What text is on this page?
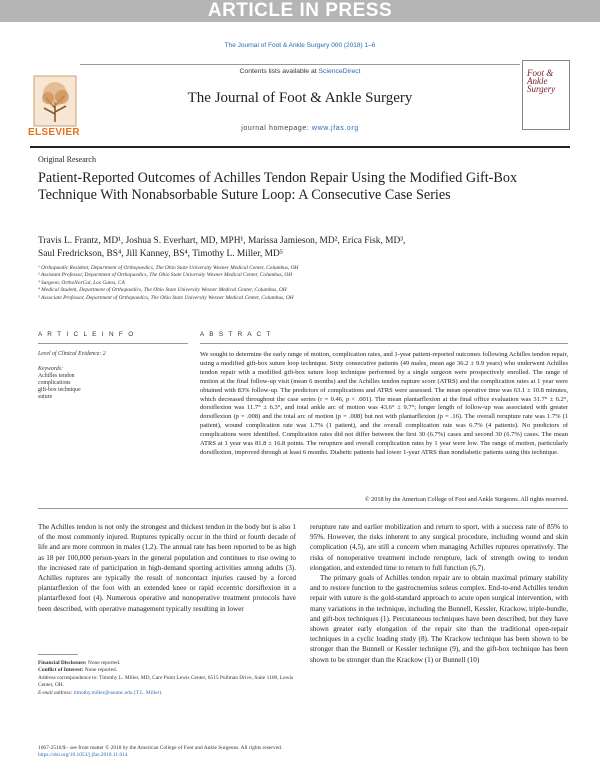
ARTICLE IN PRESS
The Journal of Foot & Ankle Surgery 000 (2018) 1–6
Contents lists available at ScienceDirect
The Journal of Foot & Ankle Surgery
journal homepage: www.jfas.org
ELSEVIER
Foot & Ankle Surgery
Original Research
Patient-Reported Outcomes of Achilles Tendon Repair Using the Modified Gift-Box Technique With Nonabsorbable Suture Loop: A Consecutive Case Series
Travis L. Frantz, MD¹, Joshua S. Everhart, MD, MPH¹, Marissa Jamieson, MD², Erica Fisk, MD³,
Saul Fredrickson, BS⁴, Jill Kanney, BS⁴, Timothy L. Miller, MD⁵
¹ Orthopaedic Resident, Department of Orthopaedics, The Ohio State University Wexner Medical Center, Columbus, OH
² Assistant Professor, Department of Orthopaedics, The Ohio State University Wexner Medical Center, Columbus, OH
³ Surgeon, OrthoNorCal, Los Gatos, CA
⁴ Medical Student, Department of Orthopaedics, The Ohio State University Wexner Medical Center, Columbus, OH
⁵ Associate Professor, Department of Orthopaedics, The Ohio State University Wexner Medical Center, Columbus, OH
A R T I C L E I N F O	A B S T R A C T
Level of Clinical Evidence: 2
Keywords:
Achilles tendon
complications
gift-box technique
suture
We sought to determine the early range of motion, complication rates, and 1-year patient-reported outcomes following Achilles tendon repair, using a modified gift-box suture loop technique. Sixty consecutive patients (49 males, mean age 36.2 ± 9.9 years) who underwent Achilles tendon repair with a modified gift-box suture loop technique performed by a single surgeon were prospectively enrolled. The range of motion at the final follow-up visit (mean 6 months) and the Achilles tendon rupture score (ATRS) and the complication rates at 1 year were obtained with 83% follow-up. The predictors of complications and ATRS were assessed. The mean operative time was 63.1 ± 10.8 minutes, which decreased throughout the case series (r = 0.46, p < .001). The mean plantarflexion at the final office evaluation was 31.7° ± 6.2°, dorsiflexion was 11.7° ± 6.3°, and total ankle arc of motion was 43.6° ± 9.7°; longer length of follow-up was associated with greater dorsiflexion (p = .008) and the total arc of motion (p = .008) but not with plantarflexion (p = .16). The overall rerupture rate was 1.7% (1 patient), wound complication rate was 1.7% (1 patient), and the overall complication rate was 6.7% (4 patients). No predictors of complications were identified. Complication rates did not differ between the first 30 (6.7%) cases and second 30 (6.7%) cases. The mean ATRS at 1 year was 81.8 ± 16.8 points. The rerupture and overall complication rates by 1 year were low. The range of motion, particularly dorsiflexion, improved through at least 6 months. Diabetic patients had lower 1-year ATRS than nondiabetic patients using this technique.
© 2018 by the American College of Foot and Ankle Surgeons. All rights reserved.
The Achilles tendon is not only the strongest and thickest tendon in the body but is also 1 of the most commonly injured. Ruptures typically occur in the third or fourth decade of life and are more common in males (1,2). The annual rate has been reported to be as high as 18 per 100,000 person-years in the general population and continues to rise owing to the increased rate of participation in high-demand sporting activities among adults (3). Achilles ruptures are typically the result of noncontact injuries caused by a forced plantarflexion of the foot with an extended knee or rapid eccentric dorsiflexion in a plantarflexed foot (4). Numerous operative and nonoperative treatment protocols have been described, with operative management typically resulting in lower
Financial Disclosure: None reported.
Conflict of Interest: None reported.
Address correspondence to: Timothy L. Miller, MD, Care Point Lewis Center, 6515 Pullman Drive, Suite 1100, Lewis Center, OH.
E-mail address: timothy.miller@osumc.edu (T.L. Miller).
rerupture rate and earlier mobilization and return to sport, with a success rate of 85% to 95%. However, the risks inherent to any surgical procedure, including wound and skin complication (4,5), are still a concern when managing Achilles ruptures operatively. The risks of nonoperative treatment include rerupture, lack of strength owing to tendon elongation, and extended time to return to full function (6,7).
The primary goals of Achilles tendon repair are to obtain maximal primary stability and to restore function to the gastrocnemius soleus complex. End-to-end Achilles tendon repair with suture is the gold-standard approach to acute open surgical intervention, with many variations in the technique, including the Bunnell, Kessler, Krackow, triple-bundle, and gift-box techniques (1). Percutaneous techniques have been described, but they have shown greater early elongation of the repair site than the traditional open-repair techniques in a cyclic loading study (8). The Krackow technique has been shown to be stronger than the Bunnell or Kessler technique (9), and the gift-box technique has been shown to be stronger than the Krackow (1) or Bunnell (10)
1067-2516/$ - see front matter © 2018 by the American College of Foot and Ankle Surgeons. All rights reserved.
https://doi.org/10.1053/j.jfas.2018.11.014
